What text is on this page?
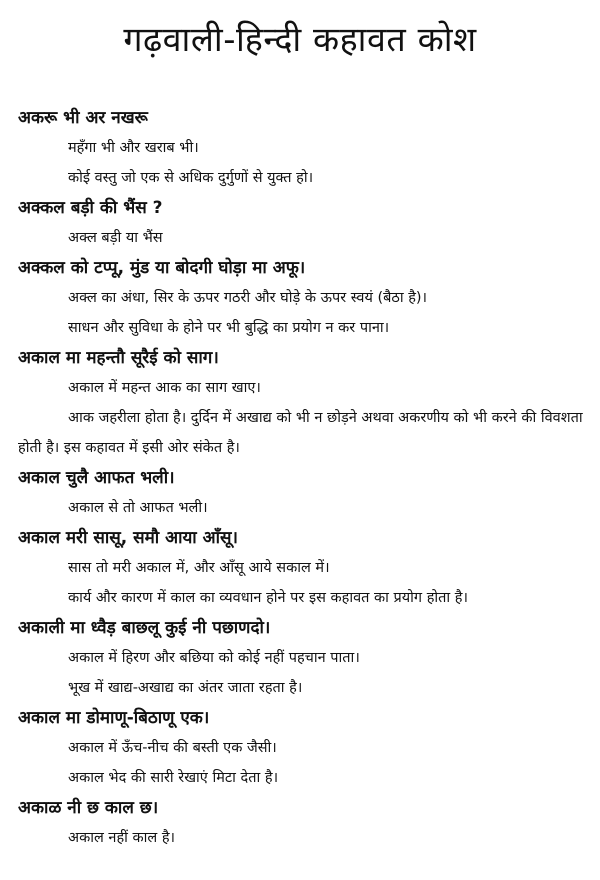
गढ़वाली-हिन्दी कहावत कोश
अकरू भी अर नखरू
महँगा भी और खराब भी।
कोई वस्तु जो एक से अधिक दुर्गुणों से युक्त हो।
अक्कल बड़ी की भैंस ?
अक्ल बड़ी या भैंस
अक्कल को टप्पू, मुंड या बोदगी घोड़ा मा अफू।
अक्ल का अंधा, सिर के ऊपर गठरी और घोड़े के ऊपर स्वयं (बैठा है)।
साधन और सुविधा के होने पर भी बुद्धि का प्रयोग न कर पाना।
अकाल मा महन्तौ सूरैई को साग।
अकाल में महन्त आक का साग खाए।
आक जहरीला होता है। दुर्दिन में अखाद्य को भी न छोड़ने अथवा अकरणीय को भी करने की विवशता होती है। इस कहावत में इसी ओर संकेत है।
अकाल चुलै आफत भली।
अकाल से तो आफत भली।
अकाल मरी सासू, समौ आया आँसू।
सास तो मरी अकाल में, और आँसू आये सकाल में।
कार्य और कारण में काल का व्यवधान होने पर इस कहावत का प्रयोग होता है।
अकाली मा ध्वैड़ बाछलू कुई नी पछाणदो।
अकाल में हिरण और बछिया को कोई नहीं पहचान पाता।
भूख में खाद्य-अखाद्य का अंतर जाता रहता है।
अकाल मा डोमाणू-बिठाणू एक।
अकाल में ऊँच-नीच की बस्ती एक जैसी।
अकाल भेद की सारी रेखाएं मिटा देता है।
अकाळ नी छ काल छ।
अकाल नहीं काल है।
